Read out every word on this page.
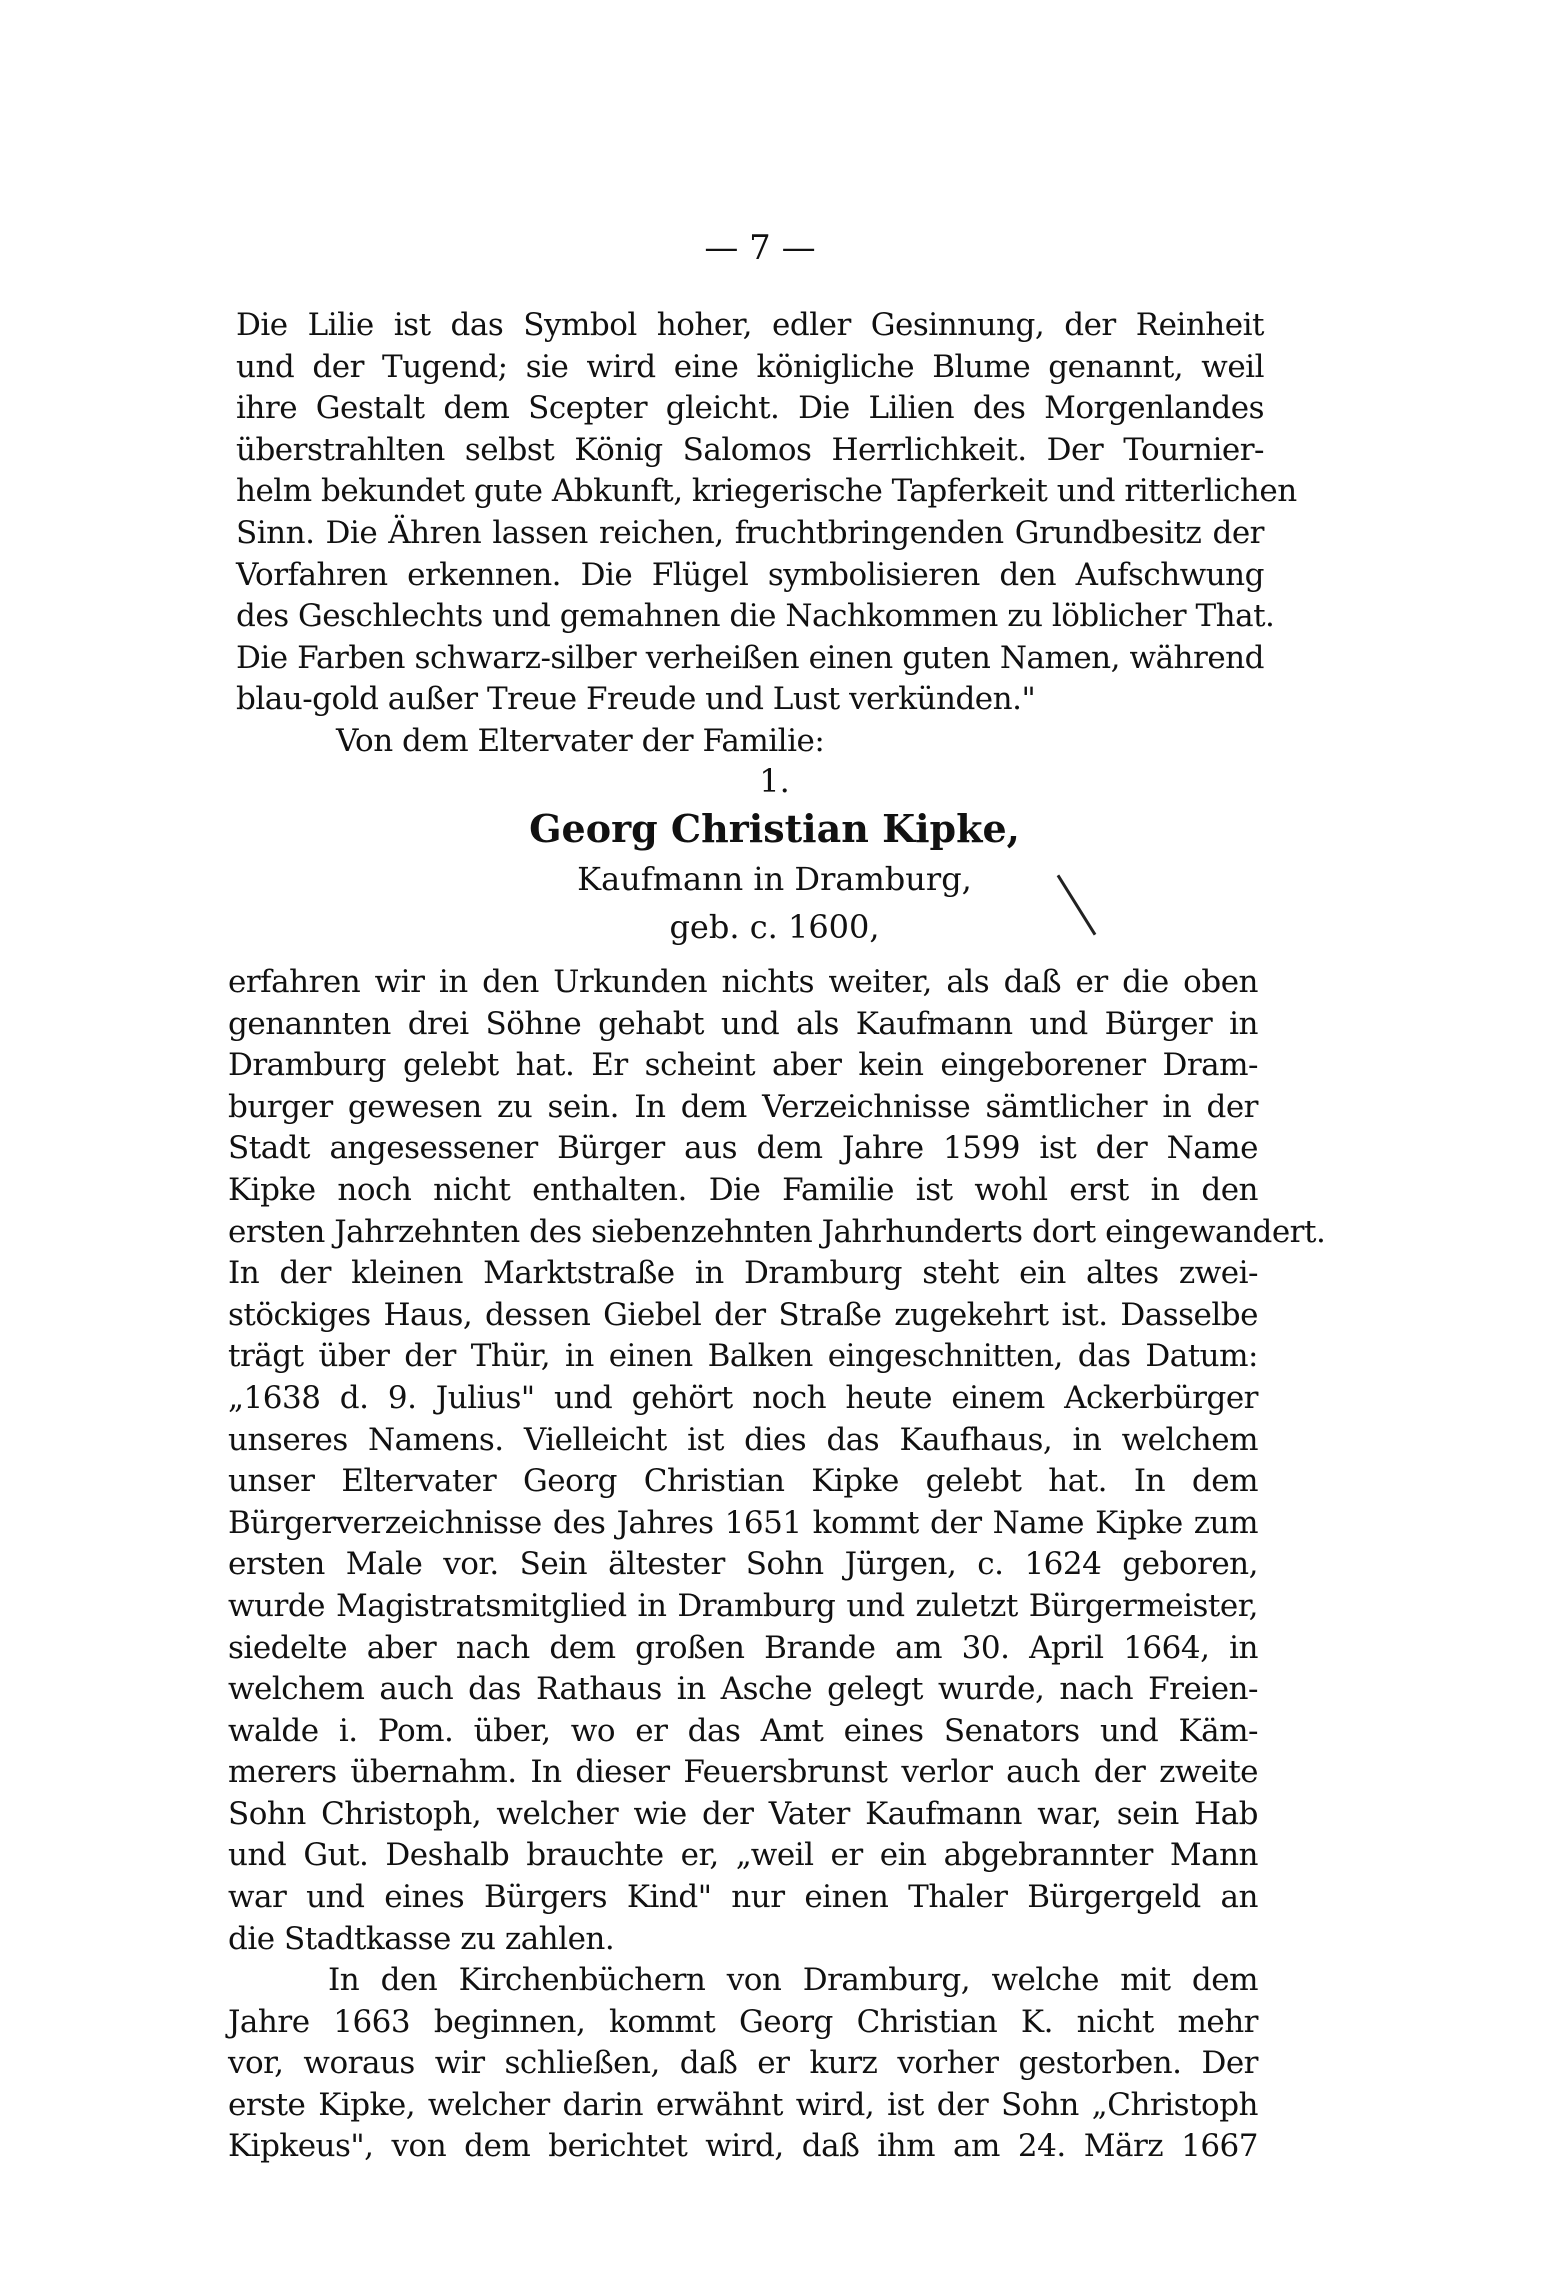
— 7 —
Die Lilie ist das Symbol hoher, edler Gesinnung, der Reinheit
und der Tugend; sie wird eine königliche Blume genannt, weil
ihre Gestalt dem Scepter gleicht. Die Lilien des Morgenlandes
überstrahlten selbst König Salomos Herrlichkeit. Der Tournier-
helm bekundet gute Abkunft, kriegerische Tapferkeit und ritterlichen
Sinn. Die Ähren lassen reichen, fruchtbringenden Grundbesitz der
Vorfahren erkennen. Die Flügel symbolisieren den Aufschwung
des Geschlechts und gemahnen die Nachkommen zu löblicher That.
Die Farben schwarz-silber verheißen einen guten Namen, während
blau-gold außer Treue Freude und Lust verkünden."
Von dem Eltervater der Familie:
1.
Georg Christian Kipke,
Kaufmann in Dramburg,
geb. c. 1600,
erfahren wir in den Urkunden nichts weiter, als daß er die oben
genannten drei Söhne gehabt und als Kaufmann und Bürger in
Dramburg gelebt hat. Er scheint aber kein eingeborener Dram-
burger gewesen zu sein. In dem Verzeichnisse sämtlicher in der
Stadt angesessener Bürger aus dem Jahre 1599 ist der Name
Kipke noch nicht enthalten. Die Familie ist wohl erst in den
ersten Jahrzehnten des siebenzehnten Jahrhunderts dort eingewandert.
In der kleinen Marktstraße in Dramburg steht ein altes zwei-
stöckiges Haus, dessen Giebel der Straße zugekehrt ist. Dasselbe
trägt über der Thür, in einen Balken eingeschnitten, das Datum:
„1638 d. 9. Julius" und gehört noch heute einem Ackerbürger
unseres Namens. Vielleicht ist dies das Kaufhaus, in welchem
unser Eltervater Georg Christian Kipke gelebt hat. In dem
Bürgerverzeichnisse des Jahres 1651 kommt der Name Kipke zum
ersten Male vor. Sein ältester Sohn Jürgen, c. 1624 geboren,
wurde Magistratsmitglied in Dramburg und zuletzt Bürgermeister,
siedelte aber nach dem großen Brande am 30. April 1664, in
welchem auch das Rathaus in Asche gelegt wurde, nach Freien-
walde i. Pom. über, wo er das Amt eines Senators und Käm-
merers übernahm. In dieser Feuersbrunst verlor auch der zweite
Sohn Christoph, welcher wie der Vater Kaufmann war, sein Hab
und Gut. Deshalb brauchte er, „weil er ein abgebrannter Mann
war und eines Bürgers Kind" nur einen Thaler Bürgergeld an
die Stadtkasse zu zahlen.
In den Kirchenbüchern von Dramburg, welche mit dem
Jahre 1663 beginnen, kommt Georg Christian K. nicht mehr
vor, woraus wir schließen, daß er kurz vorher gestorben. Der
erste Kipke, welcher darin erwähnt wird, ist der Sohn „Christoph
Kipkeus", von dem berichtet wird, daß ihm am 24. März 1667
